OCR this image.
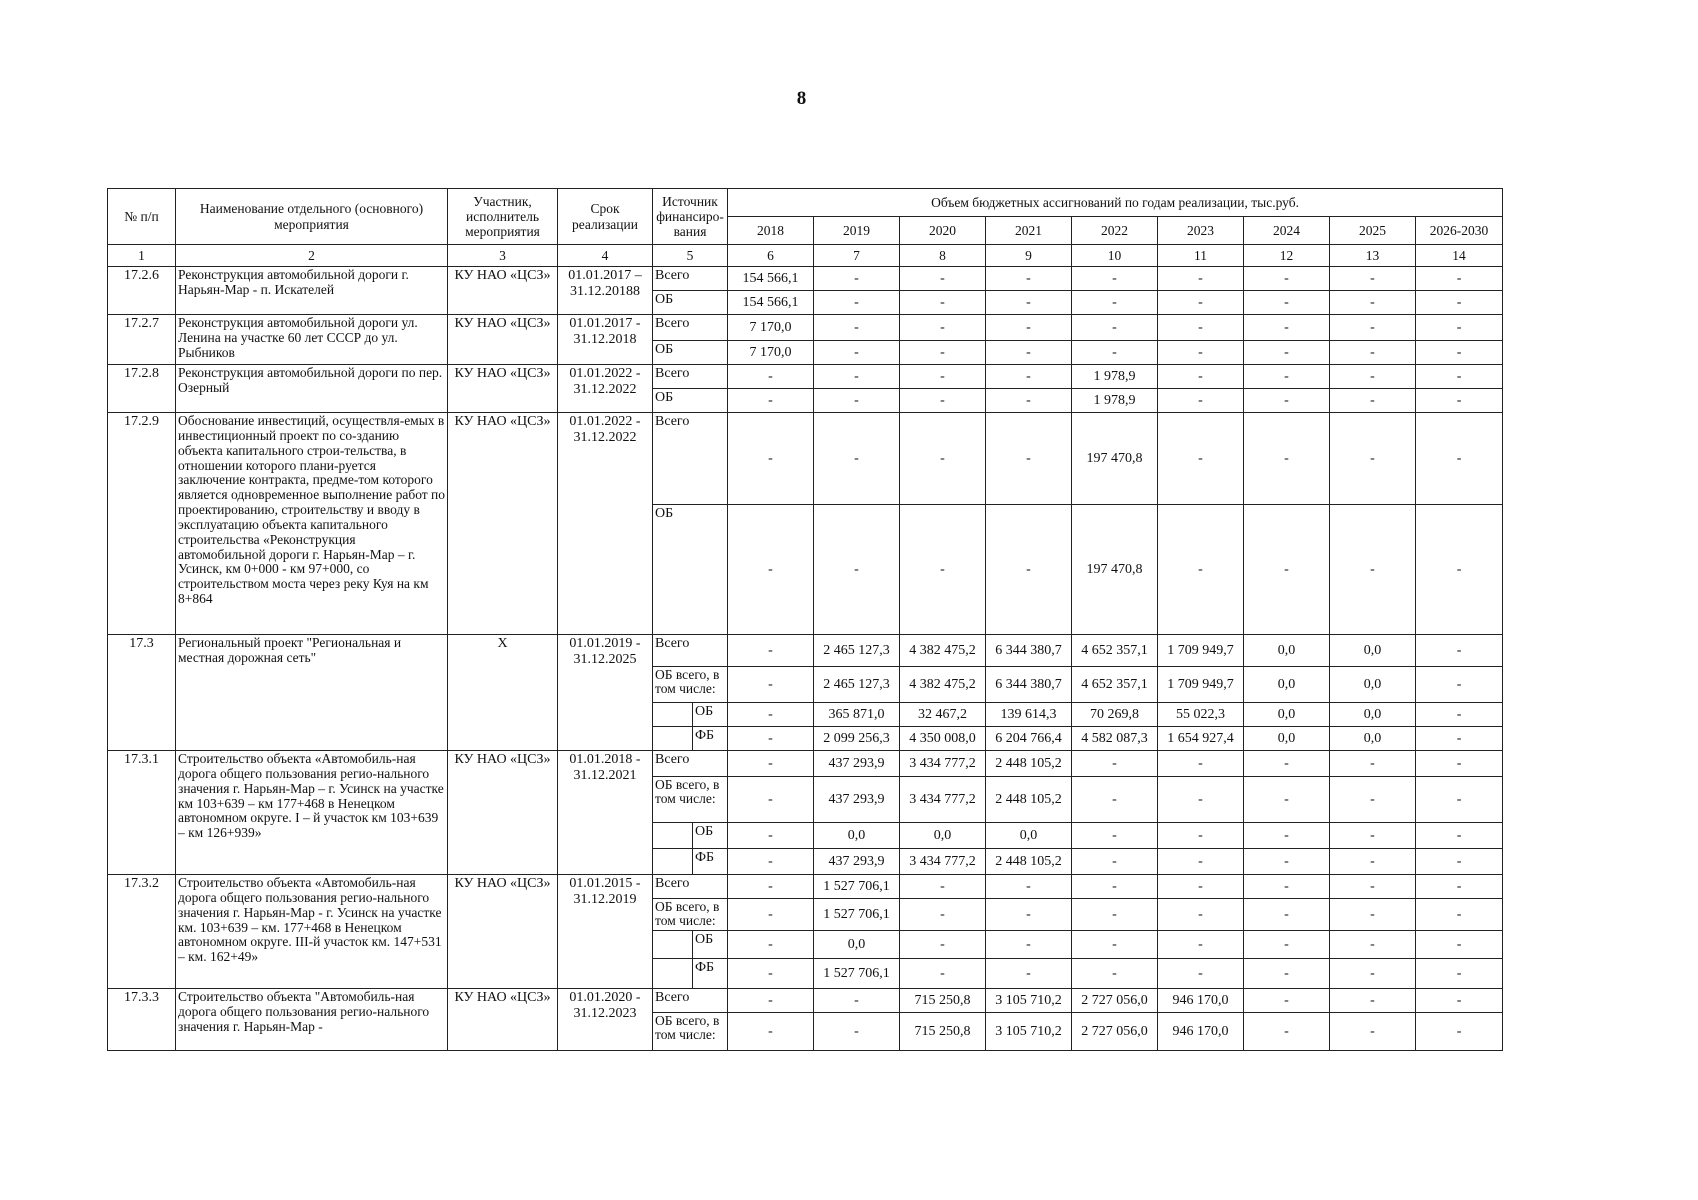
8
№ п/п	Наименование отдельного (основного) мероприятия	Участник, исполнитель мероприятия	Срок реализации	Источник финансиро-вания		Объем бюджетных ассигнований по годам реализации, тыс.руб.								
						2018	2019	2020	2021	2022	2023	2024	2025	2026-2030
1	2	3	4	5		6	7	8	9	10	11	12	13	14
17.2.6	Реконструкция автомобильной дороги г. Нарьян-Мар - п. Искателей	КУ НАО «ЦСЗ»	01.01.2017 – 31.12.20188	Всего		154 566,1	-	-	-	-	-	-	-	-
				ОБ		154 566,1	-	-	-	-	-	-	-	-
17.2.7	Реконструкция автомобильной дороги ул. Ленина на участке 60 лет СССР до ул. Рыбников	КУ НАО «ЦСЗ»	01.01.2017 - 31.12.2018	Всего		7 170,0	-	-	-	-	-	-	-	-
				ОБ		7 170,0	-	-	-	-	-	-	-	-
17.2.8	Реконструкция автомобильной дороги по пер. Озерный	КУ НАО «ЦСЗ»	01.01.2022 - 31.12.2022	Всего		-	-	-	-	1 978,9	-	-	-	-
				ОБ		-	-	-	-	1 978,9	-	-	-	-
17.2.9	Обоснование инвестиций, осуществля-емых в инвестиционный проект по со-зданию объекта капитального строи-тельства, в отношении которого плани-руется заключение контракта, предме-том которого является одновременное выполнение работ по проектированию, строительству и вводу в эксплуатацию объекта капитального строительства «Реконструкция автомобильной дороги г. Нарьян-Мар – г. Усинск, км 0+000 - км 97+000, со строительством моста через реку Куя на км 8+864	КУ НАО «ЦСЗ»	01.01.2022 - 31.12.2022	Всего		-	-	-	-	197 470,8	-	-	-	-
				ОБ		-	-	-	-	197 470,8	-	-	-	-
17.3	Региональный проект "Региональная и местная дорожная сеть"	Х	01.01.2019 - 31.12.2025	Всего		-	2 465 127,3	4 382 475,2	6 344 380,7	4 652 357,1	1 709 949,7	0,0	0,0	-
				ОБ всего, в том числе:		-	2 465 127,3	4 382 475,2	6 344 380,7	4 652 357,1	1 709 949,7	0,0	0,0	-
					ОБ	-	365 871,0	32 467,2	139 614,3	70 269,8	55 022,3	0,0	0,0	-
					ФБ	-	2 099 256,3	4 350 008,0	6 204 766,4	4 582 087,3	1 654 927,4	0,0	0,0	-
17.3.1	Строительство объекта «Автомобиль-ная дорога общего пользования регио-нального значения г. Нарьян-Мар – г. Усинск на участке км 103+639 – км 177+468 в Ненецком автономном округе. I – й участок км 103+639 – км 126+939»	КУ НАО «ЦСЗ»	01.01.2018 - 31.12.2021	Всего		-	437 293,9	3 434 777,2	2 448 105,2	-	-	-	-	-
				ОБ всего, в том числе:		-	437 293,9	3 434 777,2	2 448 105,2	-	-	-	-	-
					ОБ	-	0,0	0,0	0,0	-	-	-	-	-
					ФБ	-	437 293,9	3 434 777,2	2 448 105,2	-	-	-	-	-
17.3.2	Строительство объекта «Автомобиль-ная дорога общего пользования регио-нального значения г. Нарьян-Мар - г. Усинск на участке км. 103+639 – км. 177+468 в Ненецком автономном округе. III-й участок км. 147+531 – км. 162+49»	КУ НАО «ЦСЗ»	01.01.2015 - 31.12.2019	Всего		-	1 527 706,1	-	-	-	-	-	-	-
				ОБ всего, в том числе:		-	1 527 706,1	-	-	-	-	-	-	-
					ОБ	-	0,0	-	-	-	-	-	-	-
					ФБ	-	1 527 706,1	-	-	-	-	-	-	-
17.3.3	Строительство объекта "Автомобиль-ная дорога общего пользования регио-нального значения г. Нарьян-Мар -	КУ НАО «ЦСЗ»	01.01.2020 - 31.12.2023	Всего		-	-	715 250,8	3 105 710,2	2 727 056,0	946 170,0	-	-	-
				ОБ всего, в том числе:		-	-	715 250,8	3 105 710,2	2 727 056,0	946 170,0	-	-	-
